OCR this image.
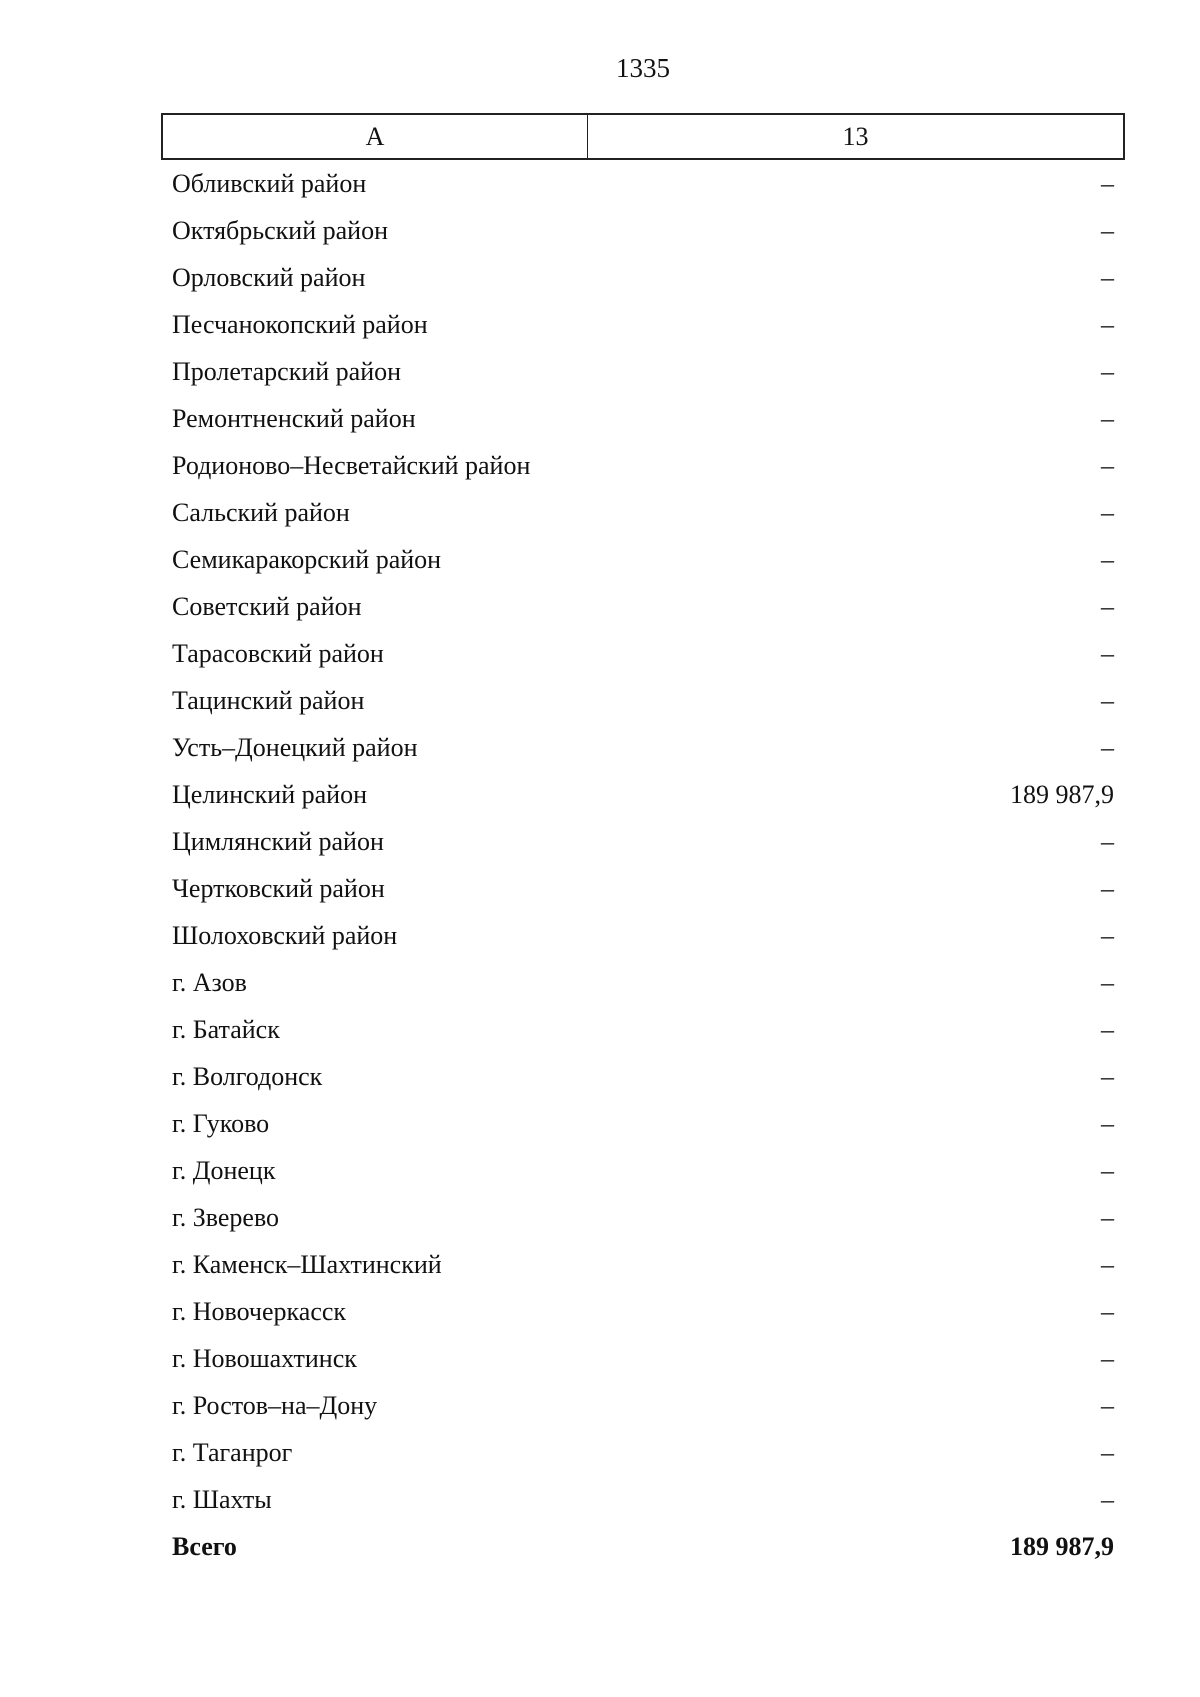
1335
А	13
Обливский район	–
Октябрьский район	–
Орловский район	–
Песчанокопский район	–
Пролетарский район	–
Ремонтненский район	–
Родионово–Несветайский район	–
Сальский район	–
Семикаракорский район	–
Советский район	–
Тарасовский район	–
Тацинский район	–
Усть–Донецкий район	–
Целинский район	189 987,9
Цимлянский район	–
Чертковский район	–
Шолоховский район	–
г. Азов	–
г. Батайск	–
г. Волгодонск	–
г. Гуково	–
г. Донецк	–
г. Зверево	–
г. Каменск–Шахтинский	–
г. Новочеркасск	–
г. Новошахтинск	–
г. Ростов–на–Дону	–
г. Таганрог	–
г. Шахты	–
Всего	189 987,9
